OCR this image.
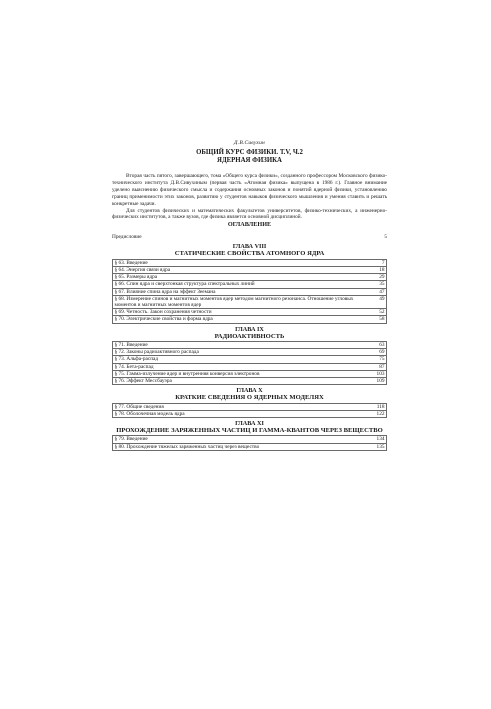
Д.В.Сивухин
ОБЩИЙ КУРС ФИЗИКИ. Т.V, Ч.2
ЯДЕРНАЯ ФИЗИКА

Вторая часть пятого, завершающего, тома «Общего курса физики», созданного профессором Московского физико-технического института Д.В.Сивухиным (первая часть «Атомная физика» выпущена в 1986 г.). Главное внимание уделено выяснению физического смысла и содержания основных законов и понятий ядерной физики, установлению границ применимости этих законов, развитию у студентов навыков физического мышления и умения ставить и решать конкретные задачи.

Для студентов физических и математических факультетов университетов, физико-технических, а инженерно-физических институтов, а также вузов, где физика является основной дисциплиной.

ОГЛАВЛЕНИЕ
Предисловие	5
ГЛАВА VIII
СТАТИЧЕСКИЕ СВОЙСТВА АТОМНОГО ЯДРА
§ 63. Введение	7
§ 64. Энергия связи ядра	18
§ 65. Размеры ядра	29
§ 66. Спин ядра и сверхтонкая структура спектральных линий	35
§ 67. Влияние спина ядра на эффект Зеемана	47
§ 68. Измерение спинов и магнитных моментов ядер методом магнитного резонанса. Отношение угловых моментов и магнитных моментов ядер	49
§ 69. Четность. Закон сохранения четности	52
§ 70. Электрические свойства и форма ядра	58
ГЛАВА IX
РАДИОАКТИВНОСТЬ
§ 71. Введение	63
§ 72. Законы радиоактивного распада	69
§ 73. Альфа-распад	75
§ 74. Бета-распад	87
§ 75. Гамма-излучение ядер и внутренняя конверсия электронов	103
§ 76. Эффект Мессбауэра	109
ГЛАВА X
КРАТКИЕ СВЕДЕНИЯ О ЯДЕРНЫХ МОДЕЛЯХ
§ 77. Общие сведения	118
§ 78. Оболочечная модель ядра	122
ГЛАВА XI
ПРОХОЖДЕНИЕ ЗАРЯЖЕННЫХ ЧАСТИЦ И ГАММА-КВАНТОВ ЧЕРЕЗ ВЕЩЕСТВО
§ 79. Введение	134
§ 80. Прохождение тяжелых заряженных частиц через вещество	135
